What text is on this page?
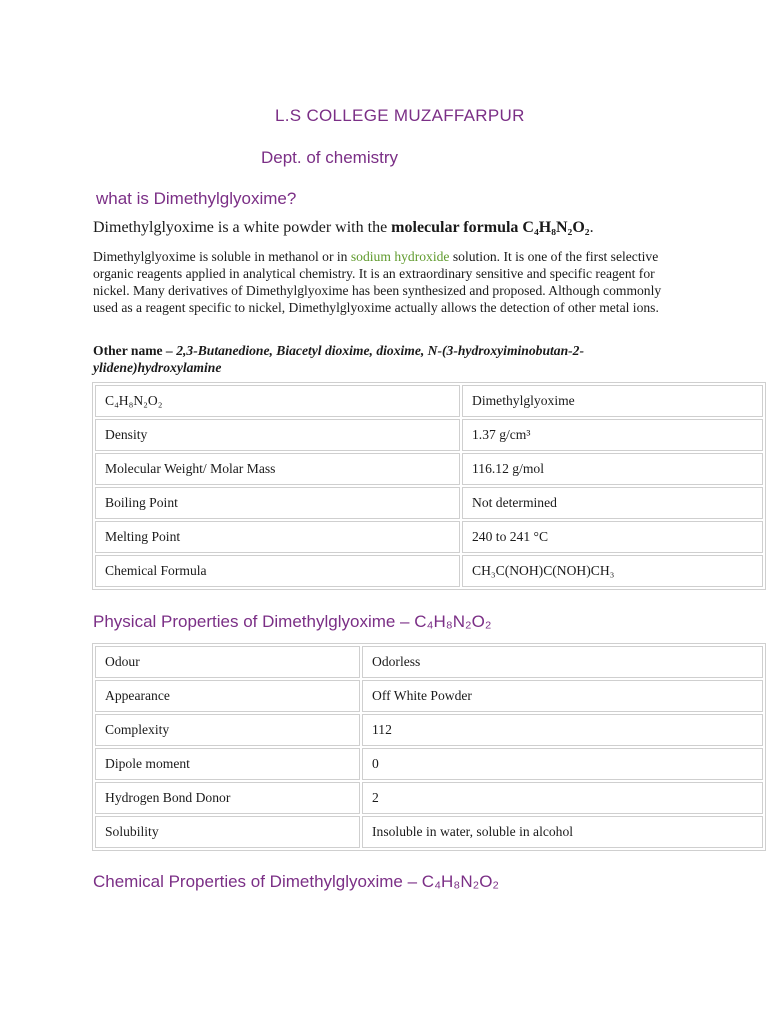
L.S COLLEGE MUZAFFARPUR
Dept. of chemistry
what is Dimethylglyoxime?
Dimethylglyoxime is a white powder with the molecular formula C₄H₈N₂O₂.
Dimethylglyoxime is soluble in methanol or in sodium hydroxide solution. It is one of the first selective organic reagents applied in analytical chemistry. It is an extraordinary sensitive and specific reagent for nickel. Many derivatives of Dimethylglyoxime has been synthesized and proposed. Although commonly used as a reagent specific to nickel, Dimethylglyoxime actually allows the detection of other metal ions.
Other name – 2,3-Butanedione, Biacetyl dioxime, dioxime, N-(3-hydroxyiminobutan-2-ylidene)hydroxylamine
C₄H₈N₂O₂	Dimethylglyoxime
Density	1.37 g/cm³
Molecular Weight/ Molar Mass	116.12 g/mol
Boiling Point	Not determined
Melting Point	240 to 241 °C
Chemical Formula	CH₃C(NOH)C(NOH)CH₃
Physical Properties of Dimethylglyoxime – C₄H₈N₂O₂
Odour	Odorless
Appearance	Off White Powder
Complexity	112
Dipole moment	0
Hydrogen Bond Donor	2
Solubility	Insoluble in water, soluble in alcohol
Chemical Properties of Dimethylglyoxime – C₄H₈N₂O₂
